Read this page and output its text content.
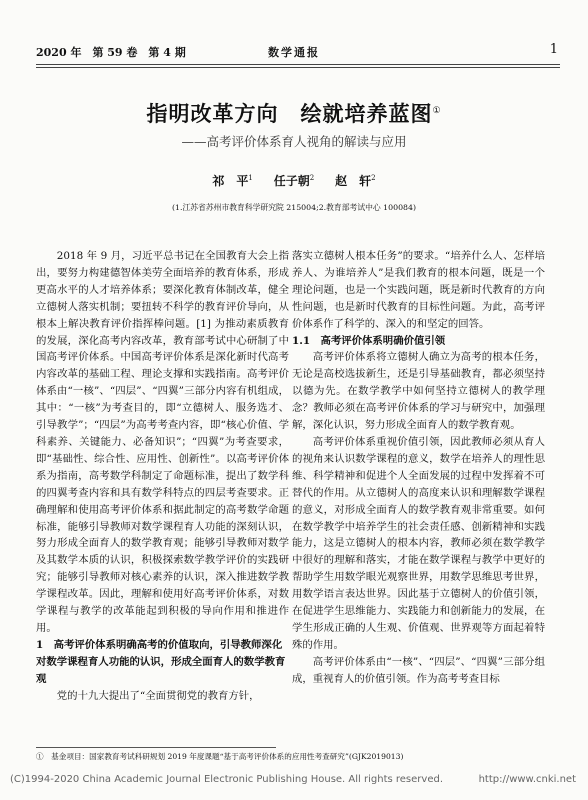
2020 年　第 59 卷　第 4 期	数学通报	1
指明改革方向　绘就培养蓝图①
——高考评价体系育人视角的解读与应用
祁　平$^1$ 任子朝$^2$ 赵　轩$^2$
(1.江苏省苏州市教育科学研究院 215004;2.教育部考试中心 100084)

2018 年 9 月，习近平总书记在全国教育大会上指出，要努力构建德智体美劳全面培养的教育体系，形成更高水平的人才培养体系；要深化教育体制改革，健全立德树人落实机制；要扭转不科学的教育评价导向，从根本上解决教育评价指挥棒问题。[1] 为推动素质教育的发展，深化高考内容改革，教育部考试中心研制了中国高考评价体系。中国高考评价体系是深化新时代高考内容改革的基础工程、理论支撑和实践指南。高考评价体系由“一核”、“四层”、“四翼”三部分内容有机组成，其中：“一核”为考查目的，即“立德树人、服务选才、引导教学”；“四层”为高考考查内容，即“核心价值、学科素养、关键能力、必备知识”；“四翼”为考查要求，即“基础性、综合性、应用性、创新性”。以高考评价体系为指南，高考数学科制定了命题标准，提出了数学科的四翼考查内容和具有数学科特点的四层考查要求。正确理解和使用高考评价体系和据此制定的高考数学命题标准，能够引导教师对数学课程育人功能的深刻认识，努力形成全面育人的数学教育观；能够引导教师对数学及其数学本质的认识，积极探索数学教学评价的实践研究；能够引导教师对核心素养的认识，深入推进数学教学课程改革。因此，理解和使用好高考评价体系，对数学课程与教学的改革能起到积极的导向作用和推进作用。

1　高考评价体系明确高考的价值取向，引导教师深化对数学课程育人功能的认识，形成全面育人的数学教育观

党的十九大提出了“全面贯彻党的教育方针，

落实立德树人根本任务”的要求。“培养什么人、怎样培养人、为谁培养人”是我们教育的根本问题，既是一个理论问题，也是一个实践问题，既是新时代教育的方向性问题，也是新时代教育的目标性问题。为此，高考评价体系作了科学的、深入的和坚定的回答。

1.1　高考评价体系明确价值引领

高考评价体系将立德树人确立为高考的根本任务，无论是高校选拔新生，还是引导基础教育，都必须坚持以德为先。在数学教学中如何坚持立德树人的教学理念？教师必须在高考评价体系的学习与研究中，加强理解，深化认识，努力形成全面育人的数学教育观。

高考评价体系重视价值引领，因此教师必须从育人的视角来认识数学课程的意义，数学在培养人的理性思维、科学精神和促进个人全面发展的过程中发挥着不可替代的作用。从立德树人的高度来认识和理解数学课程的意义，对形成全面育人的数学教育观非常重要。如何在数学教学中培养学生的社会责任感、创新精神和实践能力，这是立德树人的根本内容，教师必须在数学教学中很好的理解和落实，才能在数学课程与教学中更好的帮助学生用数学眼光观察世界，用数学思维思考世界，用数学语言表达世界。因此基于立德树人的价值引领，在促进学生思维能力、实践能力和创新能力的发展，在学生形成正确的人生观、价值观、世界观等方面起着特殊的作用。

高考评价体系由“一核”、“四层”、“四翼”三部分组成，重视育人的价值引领。作为高考考查目标

①　基金项目：国家教育考试科研规划 2019 年度课题“基于高考评价体系的应用性考查研究”(GJK2019013)
(C)1994-2020 China Academic Journal Electronic Publishing House. All rights reserved.	http://www.cnki.net
